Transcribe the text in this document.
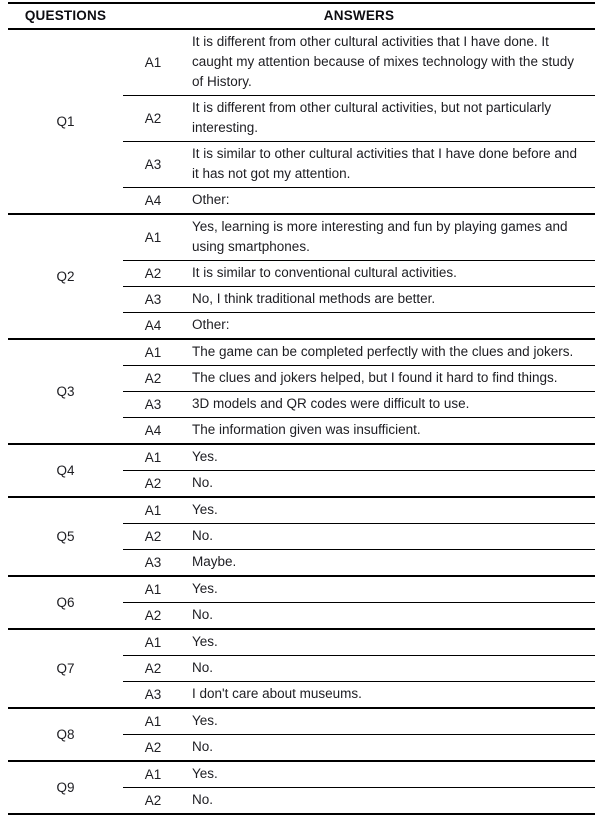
QUESTIONS	ANSWERS	
Q1	A1	It is different from other cultural activities that I have done. It caught my attention because of mixes technology with the study of History.
	A2	It is different from other cultural activities, but not particularly interesting.
	A3	It is similar to other cultural activities that I have done before and it has not got my attention.
	A4	Other:
Q2	A1	Yes, learning is more interesting and fun by playing games and using smartphones.
	A2	It is similar to conventional cultural activities.
	A3	No, I think traditional methods are better.
	A4	Other:
Q3	A1	The game can be completed perfectly with the clues and jokers.
	A2	The clues and jokers helped, but I found it hard to find things.
	A3	3D models and QR codes were difficult to use.
	A4	The information given was insufficient.
Q4	A1	Yes.
	A2	No.
Q5	A1	Yes.
	A2	No.
	A3	Maybe.
Q6	A1	Yes.
	A2	No.
Q7	A1	Yes.
	A2	No.
	A3	I don't care about museums.
Q8	A1	Yes.
	A2	No.
Q9	A1	Yes.
	A2	No.
